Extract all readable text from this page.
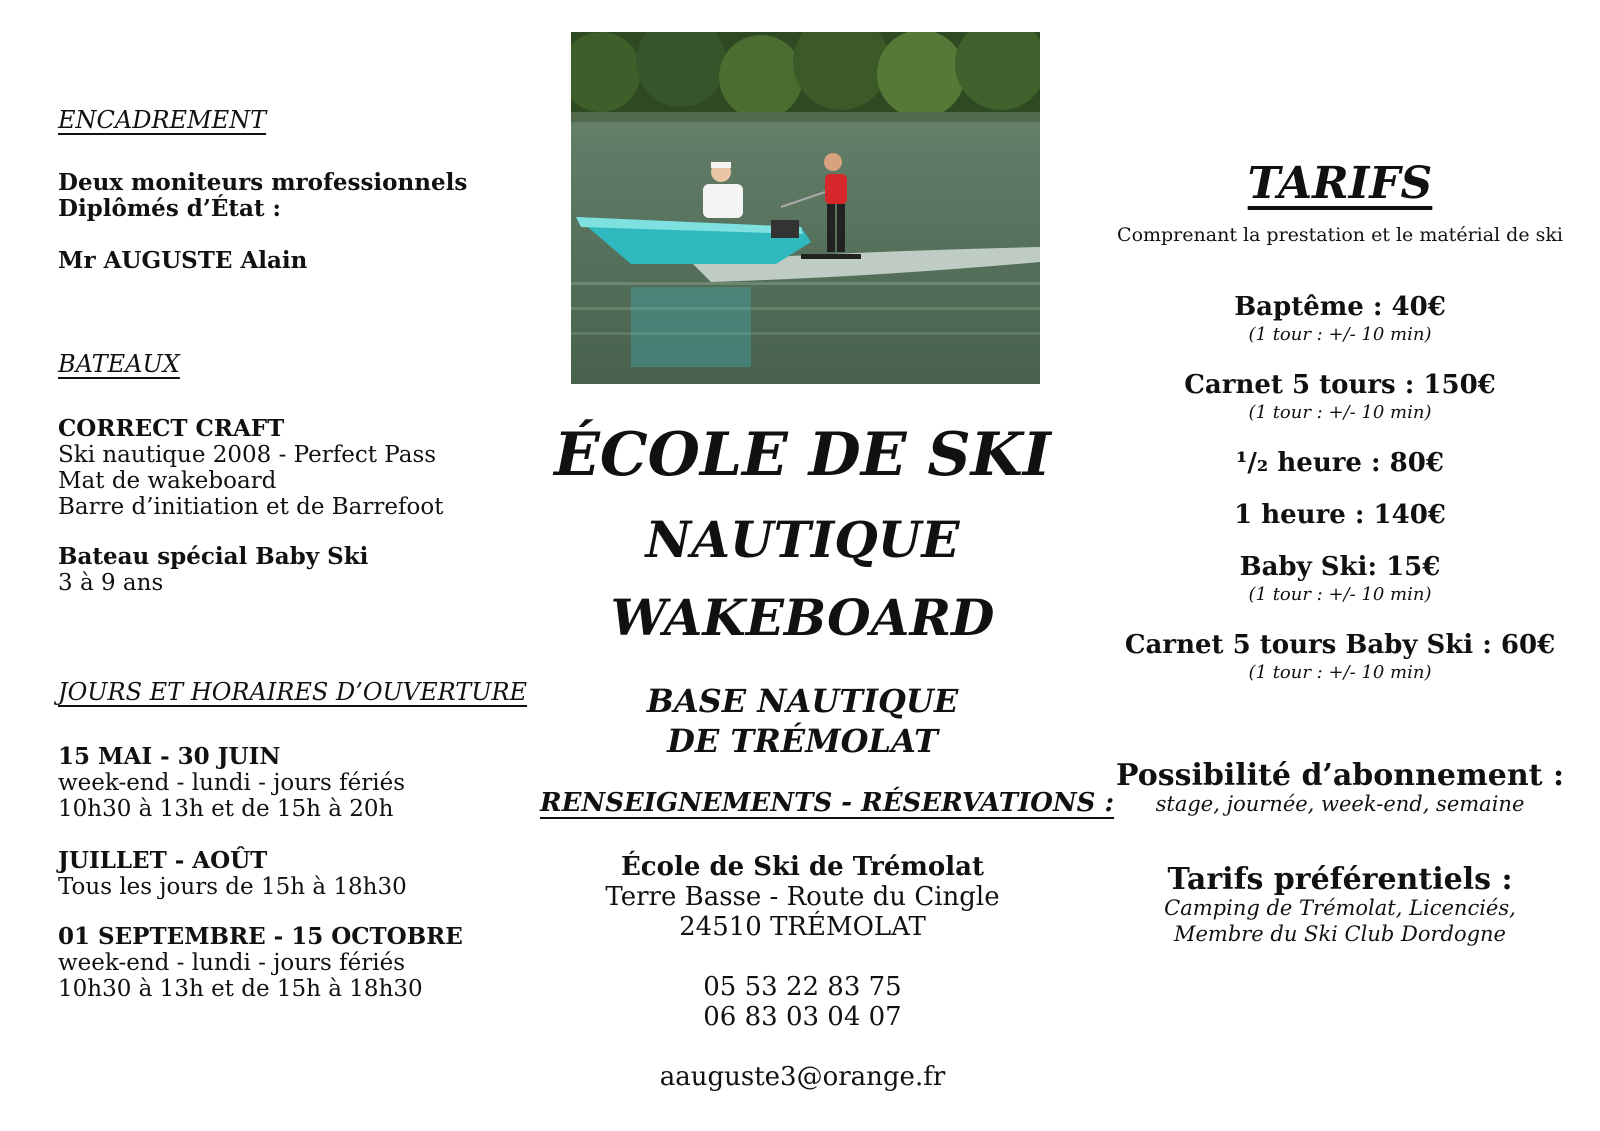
ENCADREMENT
Deux moniteurs mrofessionnels
Diplômés d’État :
Mr AUGUSTE Alain
BATEAUX
CORRECT CRAFT
Ski nautique 2008 - Perfect Pass
Mat de wakeboard
Barre d’initiation et de Barrefoot
Bateau spécial Baby Ski
3 à 9 ans
JOURS ET HORAIRES D’OUVERTURE
15 MAI - 30 JUIN
week-end - lundi - jours fériés
10h30 à 13h et de 15h à 20h
JUILLET - AOÛT
Tous les jours de 15h à 18h30
01 SEPTEMBRE - 15 OCTOBRE
week-end - lundi - jours fériés
10h30 à 13h et de 15h à 18h30
ÉCOLE DE SKI
NAUTIQUE
WAKEBOARD
BASE NAUTIQUE
DE TRÉMOLAT
RENSEIGNEMENTS - RÉSERVATIONS :
École de Ski de Trémolat
Terre Basse - Route du Cingle
24510 TRÉMOLAT
05 53 22 83 75
06 83 03 04 07
aauguste3@orange.fr
TARIFS
Comprenant la prestation et le matérial de ski
Baptême : 40€
(1 tour : +/- 10 min)
Carnet 5 tours : 150€
(1 tour : +/- 10 min)
¹/₂ heure : 80€
1 heure : 140€
Baby Ski: 15€
(1 tour : +/- 10 min)
Carnet 5 tours Baby Ski : 60€
(1 tour : +/- 10 min)
Possibilité d’abonnement :
stage, journée, week-end, semaine
Tarifs préférentiels :
Camping de Trémolat, Licenciés,
Membre du Ski Club Dordogne
